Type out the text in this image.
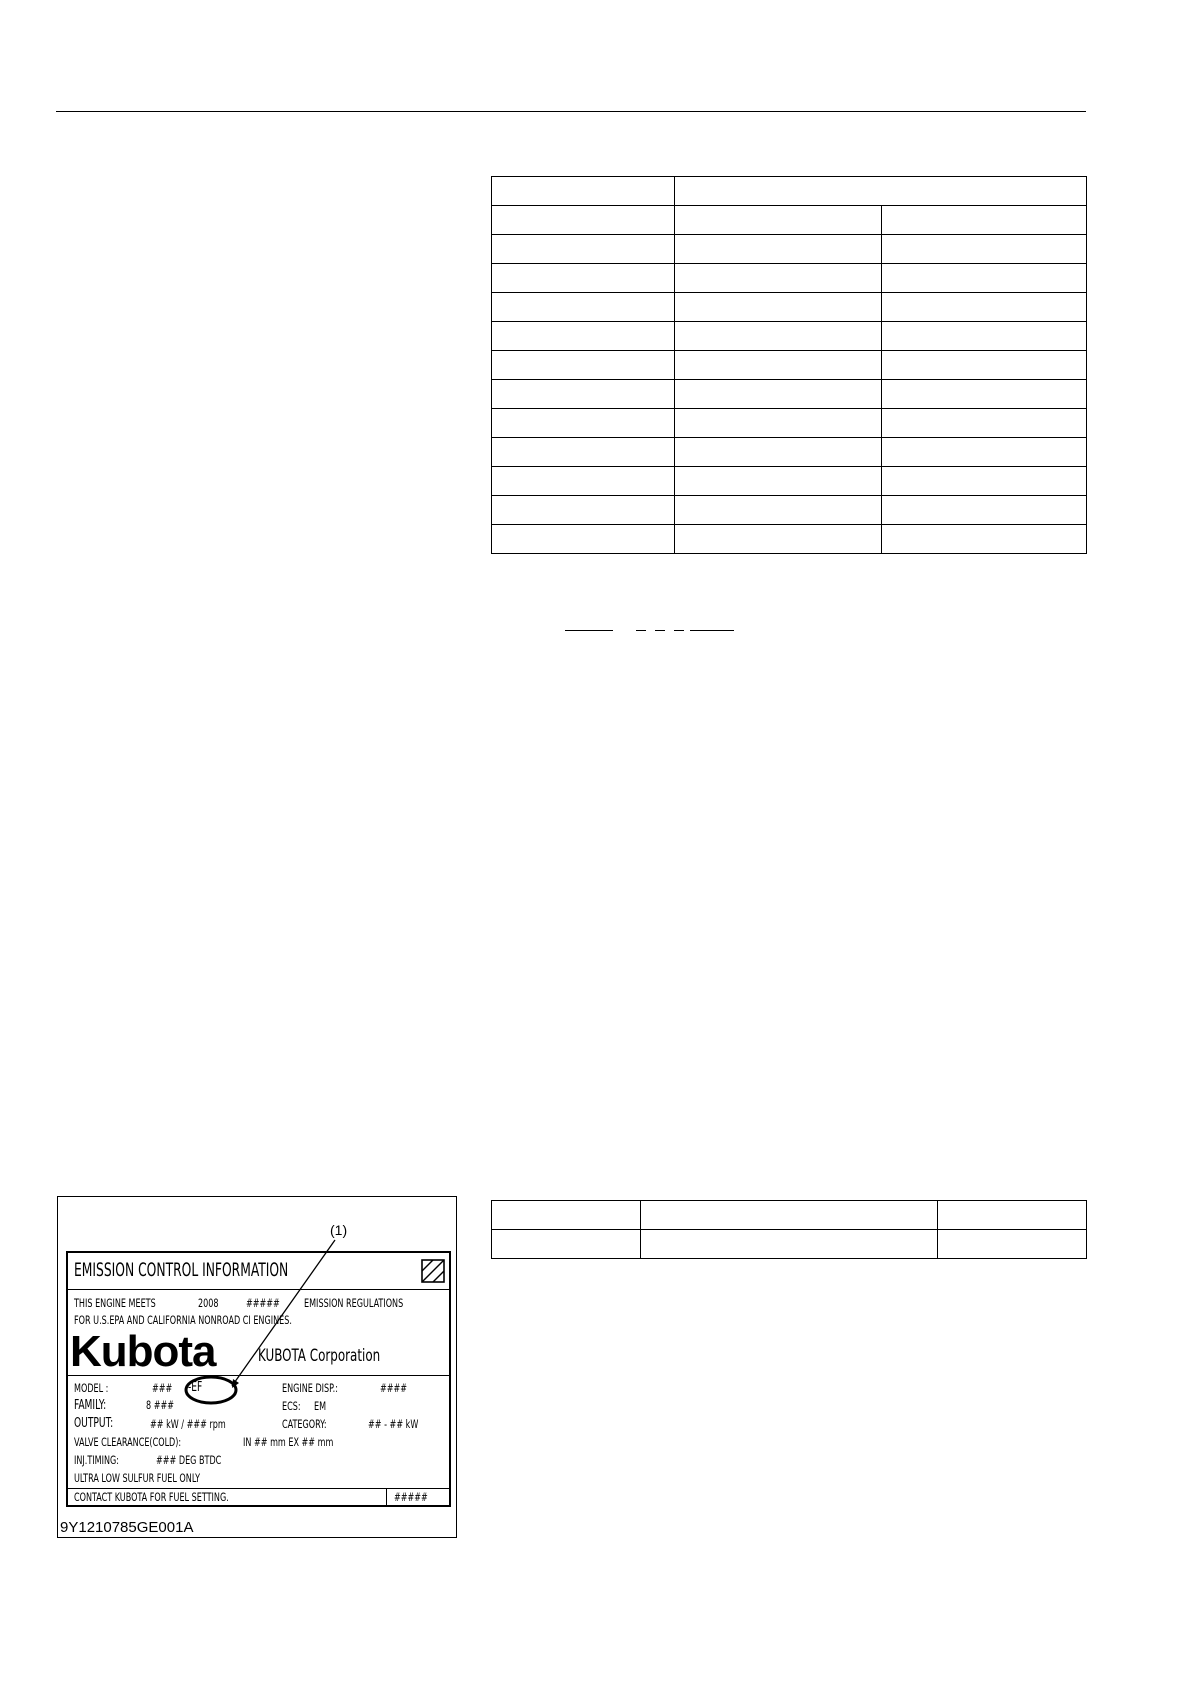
(1)
EMISSION CONTROL INFORMATION
THIS ENGINE MEETS	2008 ##### EMISSION REGULATIONS
FOR U.S.EPA AND CALIFORNIA NONROAD CI ENGINES.
Kubota KUBOTA Corporation
MODEL :	### -EF
FAMILY:	8 ###
OUTPUT:	## kW / ### rpm
VALVE CLEARANCE(COLD):	IN ## mm EX ## mm
INJ.TIMING:	### DEG BTDC
ULTRA LOW SULFUR FUEL ONLY
ENGINE DISP.:	####
ECS: EM
CATEGORY:	## - ## kW
CONTACT KUBOTA FOR FUEL SETTING.	#####
9Y1210785GE001A
